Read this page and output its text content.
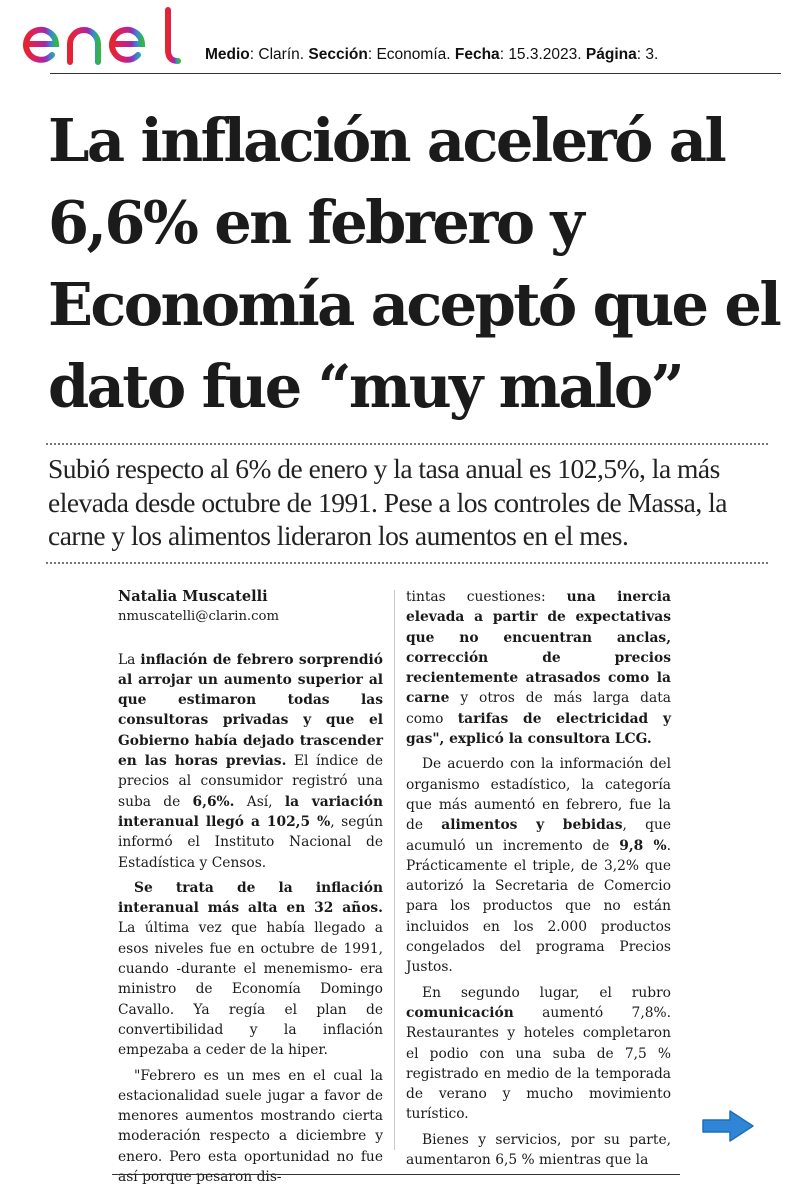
Medio: Clarín. Sección: Economía. Fecha: 15.3.2023. Página: 3.
La inflación aceleró al 6,6% en febrero y Economía aceptó que el dato fue “muy malo”

Subió respecto al 6% de enero y la tasa anual es 102,5%, la más elevada desde octubre de 1991. Pese a los controles de Massa, la carne y los alimentos lideraron los aumentos en el mes.

Natalia Muscatelli
nmuscatelli@clarin.com

La inflación de febrero sorprendió al arrojar un aumento superior al que estimaron todas las consultoras privadas y que el Gobierno había dejado trascender en las horas previas. El índice de precios al consumidor registró una suba de 6,6%. Así, la variación interanual llegó a 102,5 %, según informó el Instituto Nacional de Estadística y Censos.

Se trata de la inflación interanual más alta en 32 años. La última vez que había llegado a esos niveles fue en octubre de 1991, cuando -durante el menemismo- era ministro de Economía Domingo Cavallo. Ya regía el plan de convertibilidad y la inflación empezaba a ceder de la hiper.

"Febrero es un mes en el cual la estacionalidad suele jugar a favor de menores aumentos mostrando cierta moderación respecto a diciembre y enero. Pero esta oportunidad no fue así porque pesaron dis-

tintas cuestiones: una inercia elevada a partir de expectativas que no encuentran anclas, corrección de precios recientemente atrasados como la carne y otros de más larga data como tarifas de electricidad y gas", explicó la consultora LCG.

De acuerdo con la información del organismo estadístico, la categoría que más aumentó en febrero, fue la de alimentos y bebidas, que acumuló un incremento de 9,8 %. Prácticamente el triple, de 3,2% que autorizó la Secretaria de Comercio para los productos que no están incluidos en los 2.000 productos congelados del programa Precios Justos.

En segundo lugar, el rubro comunicación aumentó 7,8%. Restaurantes y hoteles completaron el podio con una suba de 7,5 % registrado en medio de la temporada de verano y mucho movimiento turístico.

Bienes y servicios, por su parte, aumentaron 6,5 % mientras que la
